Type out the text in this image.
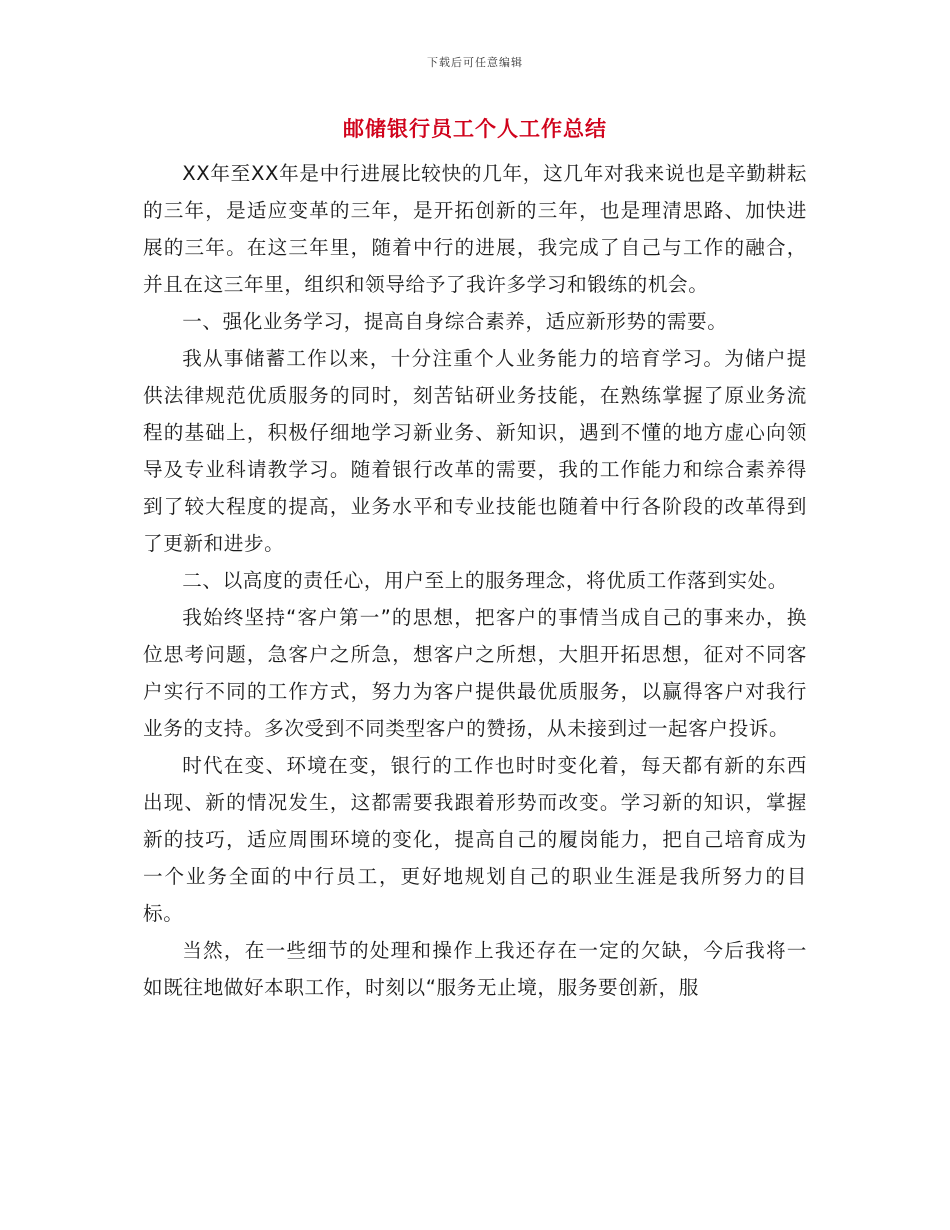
下载后可任意编辑
邮储银行员工个人工作总结

XX年至XX年是中行进展比较快的几年，这几年对我来说也是辛勤耕耘的三年，是适应变革的三年，是开拓创新的三年，也是理清思路、加快进展的三年。在这三年里，随着中行的进展，我完成了自己与工作的融合，并且在这三年里，组织和领导给予了我许多学习和锻练的机会。

一、强化业务学习，提高自身综合素养，适应新形势的需要。

我从事储蓄工作以来，十分注重个人业务能力的培育学习。为储户提供法律规范优质服务的同时，刻苦钻研业务技能，在熟练掌握了原业务流程的基础上，积极仔细地学习新业务、新知识，遇到不懂的地方虚心向领导及专业科请教学习。随着银行改革的需要，我的工作能力和综合素养得到了较大程度的提高，业务水平和专业技能也随着中行各阶段的改革得到了更新和进步。

二、以高度的责任心，用户至上的服务理念，将优质工作落到实处。

我始终坚持“客户第一”的思想，把客户的事情当成自己的事来办，换位思考问题，急客户之所急，想客户之所想，大胆开拓思想，征对不同客户实行不同的工作方式，努力为客户提供最优质服务，以赢得客户对我行业务的支持。多次受到不同类型客户的赞扬，从未接到过一起客户投诉。

时代在变、环境在变，银行的工作也时时变化着，每天都有新的东西出现、新的情况发生，这都需要我跟着形势而改变。学习新的知识，掌握新的技巧，适应周围环境的变化，提高自己的履岗能力，把自己培育成为一个业务全面的中行员工，更好地规划自己的职业生涯是我所努力的目标。

当然，在一些细节的处理和操作上我还存在一定的欠缺，今后我将一如既往地做好本职工作，时刻以“服务无止境，服务要创新，服
